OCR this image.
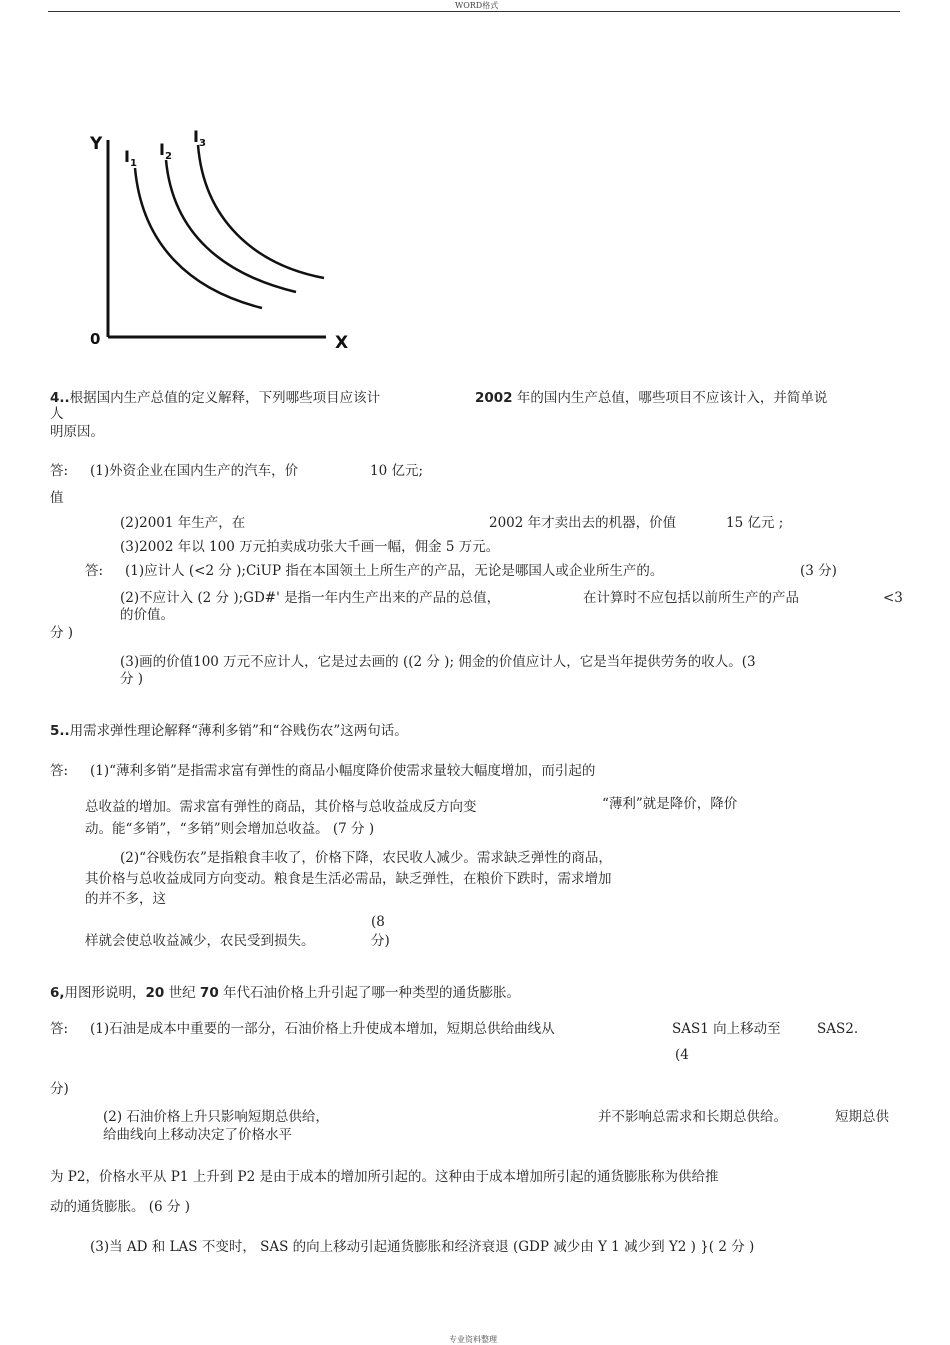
WORD格式
Y
0	X
$I_1$
$I_2$
$I_3$
4..根据国内生产总值的定义解释，下列哪些项目应该计
人
2002 年的国内生产总值，哪些项目不应该计入，并简单说
明原因。
答: (1)外资企业在国内生产的汽车，价	10 亿元;
值
(2)2001 年生产，在	2002 年才卖出去的机器，价值	15 亿元 ;
(3)2002 年以 100 万元拍卖成功张大千画一幅，佣金 5 万元。
答: (1)应计人 (<2 分 );CiUP 指在本国领土上所生产的产品，无论是哪国人或企业所生产的。	(3 分)
(2)不应计入 (2 分 );GD#' 是指一年内生产出来的产品的总值，	在计算时不应包括以前所生产的产品	<3
的价值。
分 )
(3)画的价值100 万元不应计人，它是过去画的 ((2 分 ); 佣金的价值应计人，它是当年提供劳务的收人。(3
分 )
5..用需求弹性理论解释“薄利多销”和“谷贱伤农”这两句话。
答: (1)“薄利多销”是指需求富有弹性的商品小幅度降价使需求量较大幅度增加，而引起的
总收益的增加。需求富有弹性的商品，其价格与总收益成反方向变	“薄利”就是降价，降价
动。能“多销”，“多销”则会增加总收益。 (7 分 )
(2)“谷贱伤农”是指粮食丰收了，价格下降，农民收人减少。需求缺乏弹性的商品，
其价格与总收益成同方向变动。粮食是生活必需品，缺乏弹性，在粮价下跌时，需求增加
的并不多，这
样就会使总收益减少，农民受到损失。
(8
分)
6,用图形说明，20 世纪 70 年代石油价格上升引起了哪一种类型的通货膨胀。
答: (1)石油是成本中重要的一部分，石油价格上升使成本增加，短期总供给曲线从	SAS1 向上移动至	SAS2.
(4
分)
(2) 石油价格上升只影响短期总供给，	并不影响总需求和长期总供给。	短期总供
给曲线向上移动决定了价格水平
为 P2，价格水平从 P1 上升到 P2 是由于成本的增加所引起的。这种由于成本增加所引起的通货膨胀称为供给推
动的通货膨胀。 (6 分 )
(3)当 AD 和 LAS 不变时， SAS 的向上移动引起通货膨胀和经济衰退 (GDP 减少由 Y 1 减少到 Y2 ) }( 2 分 )
专业资料整理
